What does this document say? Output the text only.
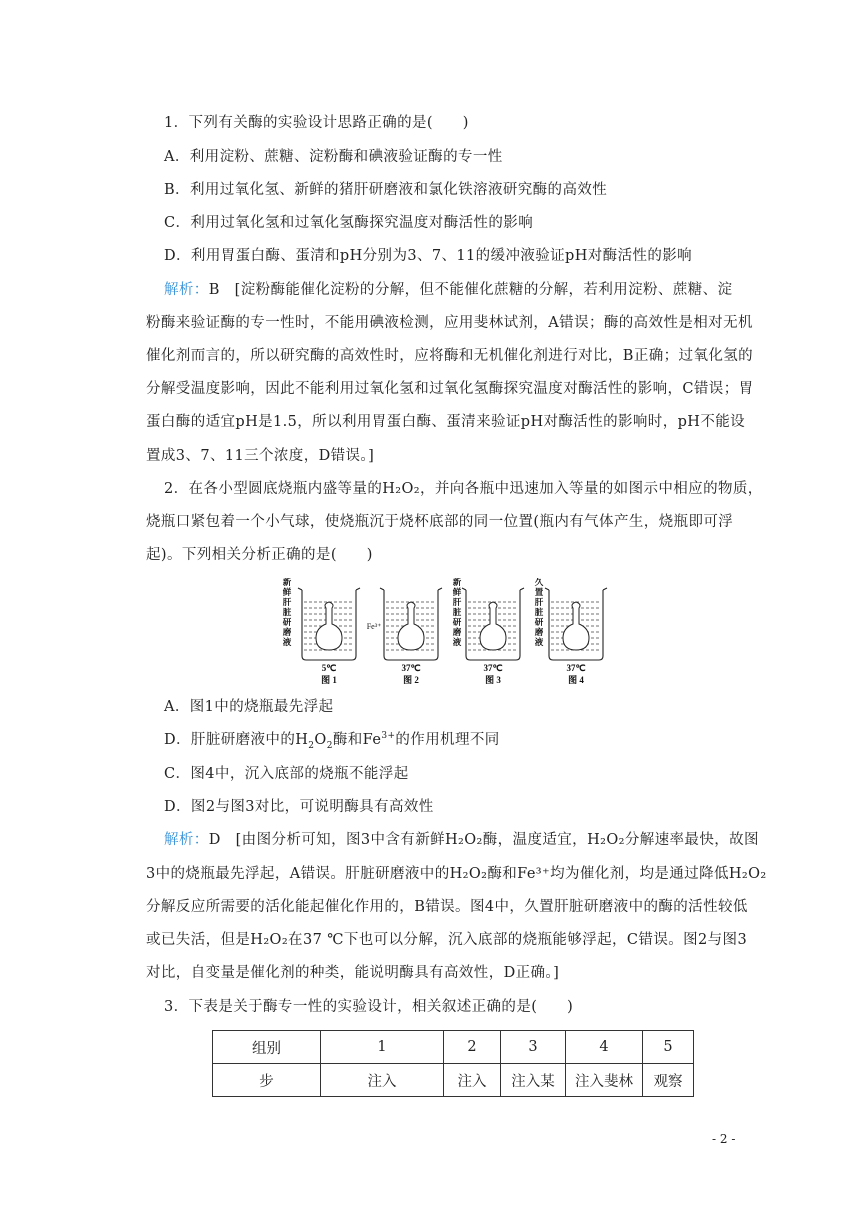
1．下列有关酶的实验设计思路正确的是(　　)
A．利用淀粉、蔗糖、淀粉酶和碘液验证酶的专一性
B．利用过氧化氢、新鲜的猪肝研磨液和氯化铁溶液研究酶的高效性
C．利用过氧化氢和过氧化氢酶探究温度对酶活性的影响
D．利用胃蛋白酶、蛋清和pH分别为3、7、11的缓冲液验证pH对酶活性的影响
解析：B　[淀粉酶能催化淀粉的分解，但不能催化蔗糖的分解，若利用淀粉、蔗糖、淀
粉酶来验证酶的专一性时，不能用碘液检测，应用斐林试剂，A错误；酶的高效性是相对无机
催化剂而言的，所以研究酶的高效性时，应将酶和无机催化剂进行对比，B正确；过氧化氢的
分解受温度影响，因此不能利用过氧化氢和过氧化氢酶探究温度对酶活性的影响，C错误；胃
蛋白酶的适宜pH是1.5，所以利用胃蛋白酶、蛋清来验证pH对酶活性的影响时，pH不能设
置成3、7、11三个浓度，D错误。]
2．在各小型圆底烧瓶内盛等量的H₂O₂，并向各瓶中迅速加入等量的如图示中相应的物质，
烧瓶口紧包着一个小气球，使烧瓶沉于烧杯底部的同一位置(瓶内有气体产生，烧瓶即可浮
起)。下列相关分析正确的是(　　)
新鲜肝脏研磨液
新鲜肝脏研磨液
久置肝脏研磨液
Fe³⁺
5℃	37℃	37℃	37℃
图 1	图 2	图 3	图 4
A．图1中的烧瓶最先浮起
D．肝脏研磨液中的$H_2O_2$酶和$Fe^{3+}$的作用机理不同
C．图4中，沉入底部的烧瓶不能浮起
D．图2与图3对比，可说明酶具有高效性
解析：D　[由图分析可知，图3中含有新鲜H₂O₂酶，温度适宜，H₂O₂分解速率最快，故图
3中的烧瓶最先浮起，A错误。肝脏研磨液中的H₂O₂酶和Fe³⁺均为催化剂，均是通过降低H₂O₂
分解反应所需要的活化能起催化作用的，B错误。图4中，久置肝脏研磨液中的酶的活性较低
或已失活，但是H₂O₂在37 ℃下也可以分解，沉入底部的烧瓶能够浮起，C错误。图2与图3
对比，自变量是催化剂的种类，能说明酶具有高效性，D正确。]
3．下表是关于酶专一性的实验设计，相关叙述正确的是(　　)
组别	1	2	3	4	5
步	注入	注入	注入某	注入斐林	观察
- 2 -
